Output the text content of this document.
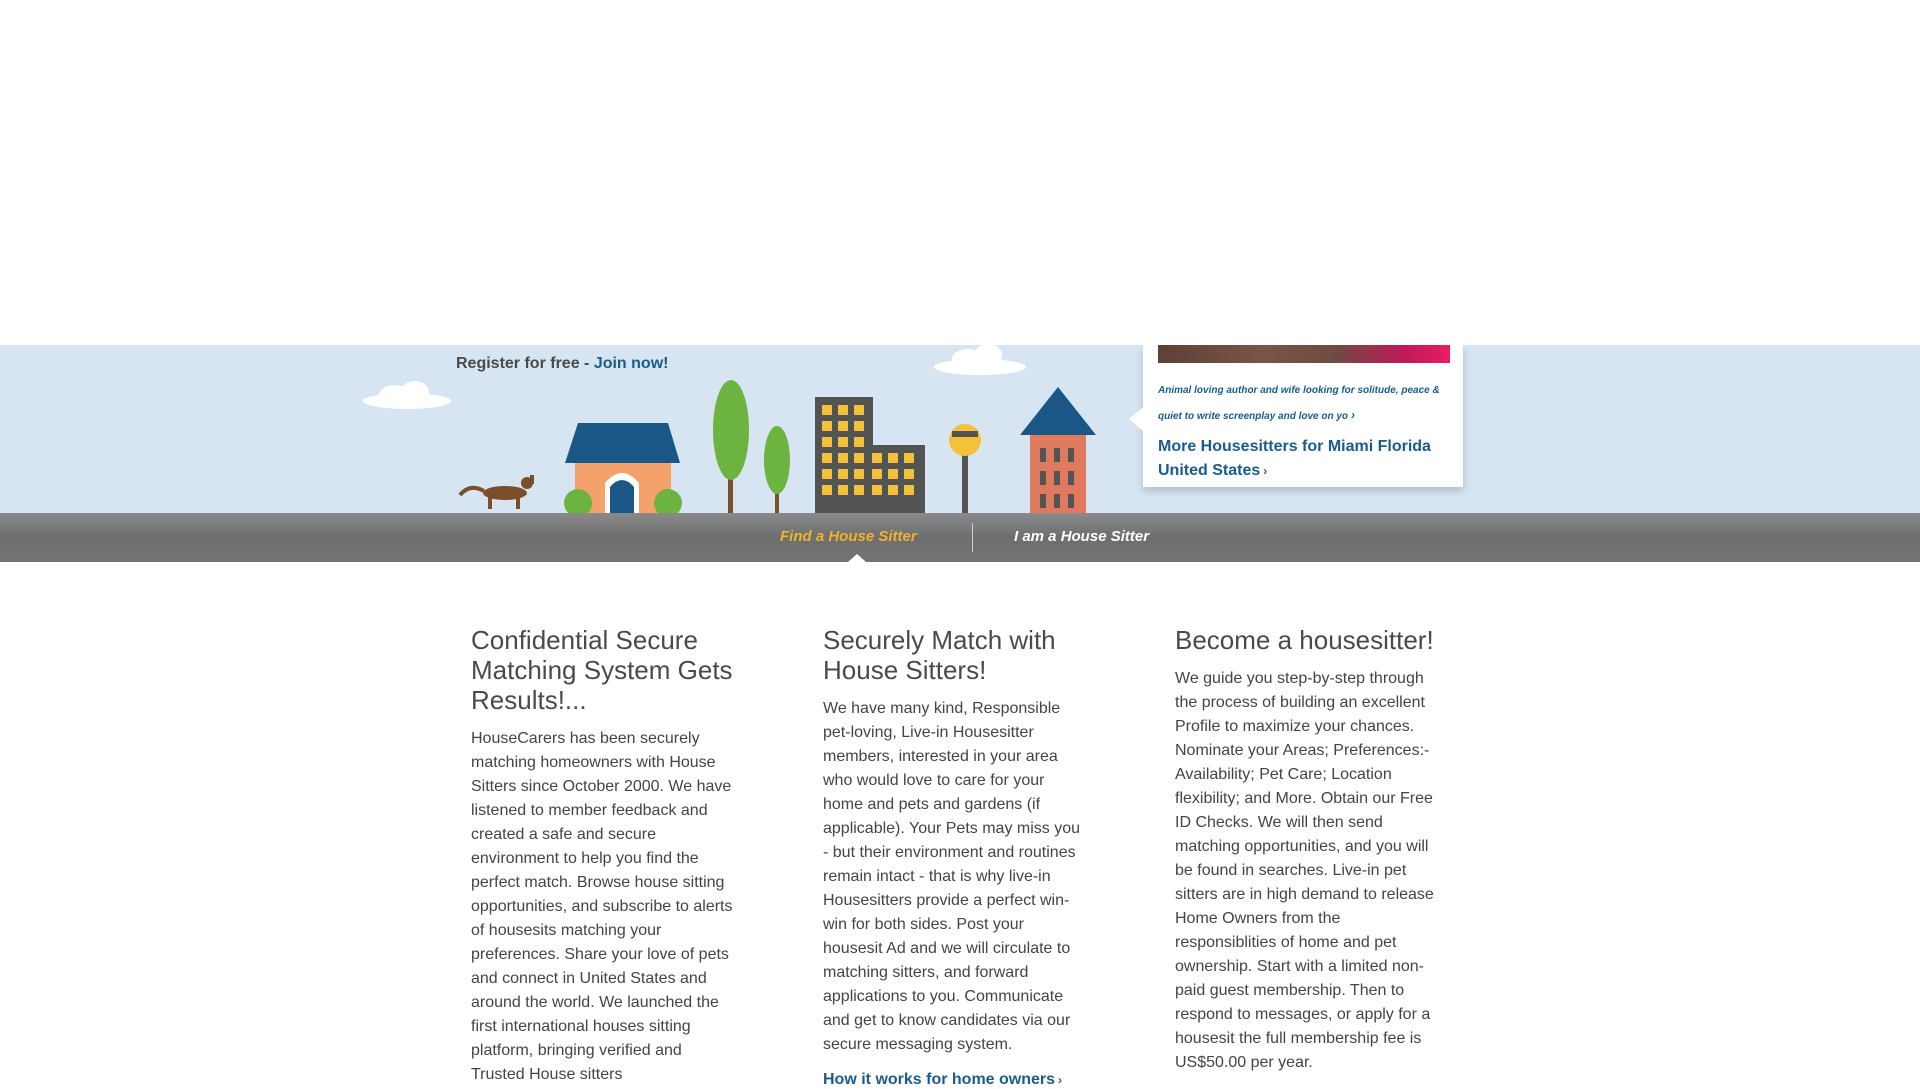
Register for free - Join now!
Animal loving author and wife looking for solitude, peace & quiet to write screenplay and love on yo ›
More Housesitters for Miami Florida United States ›
Find a House Sitter	I am a House Sitter
Confidential Secure Matching System Gets Results!...

HouseCarers has been securely matching homeowners with House Sitters since October 2000. We have listened to member feedback and created a safe and secure environment to help you find the perfect match. Browse house sitting opportunities, and subscribe to alerts of housesits matching your preferences. Share your love of pets and connect in United States and around the world. We launched the first international houses sitting platform, bringing verified and Trusted House sitters

Securely Match with House Sitters!

We have many kind, Responsible pet-loving, Live-in Housesitter members, interested in your area who would love to care for your home and pets and gardens (if applicable). Your Pets may miss you - but their environment and routines remain intact - that is why live-in Housesitters provide a perfect win-win for both sides. Post your housesit Ad and we will circulate to matching sitters, and forward applications to you. Communicate and get to know candidates via our secure messaging system.

How it works for home owners ›
Become a housesitter!

We guide you step-by-step through the process of building an excellent Profile to maximize your chances. Nominate your Areas; Preferences:- Availability; Pet Care; Location flexibility; and More. Obtain our Free ID Checks. We will then send matching opportunities, and you will be found in searches. Live-in pet sitters are in high demand to release Home Owners from the responsiblities of home and pet ownership. Start with a limited non-paid guest membership. Then to respond to messages, or apply for a housesit the full membership fee is US$50.00 per year.
